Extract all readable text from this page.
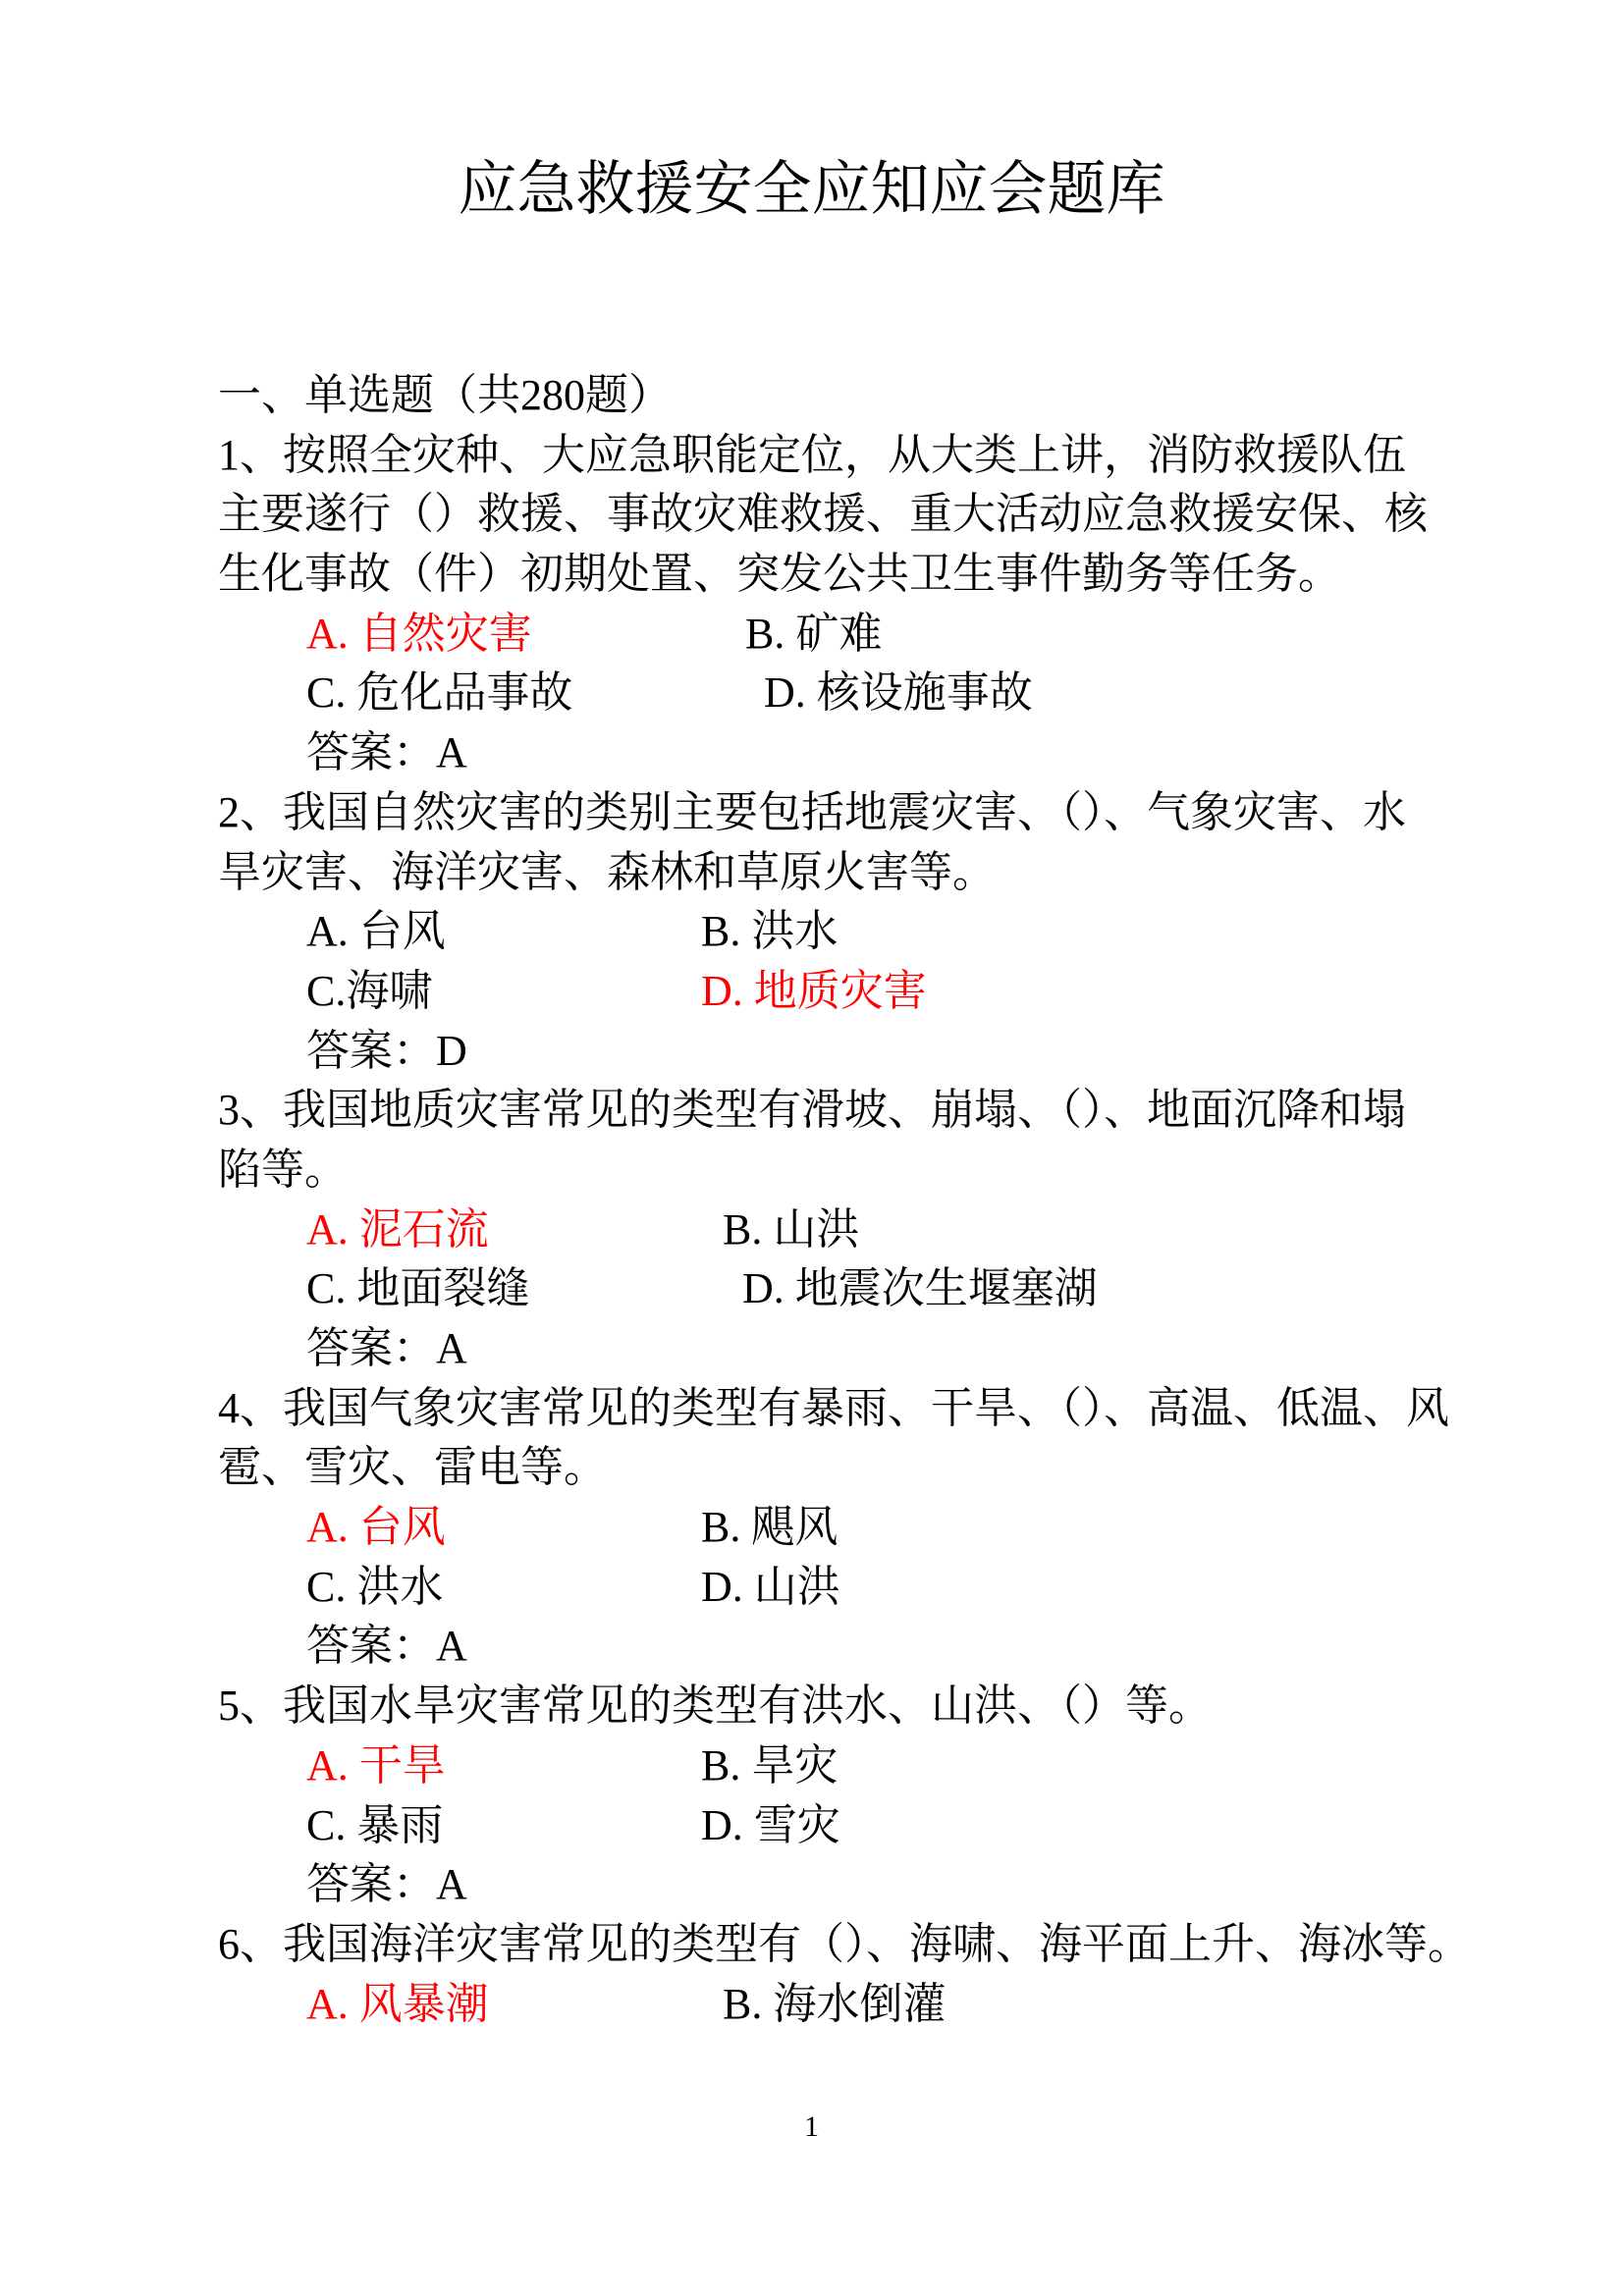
应急救援安全应知应会题库
一、单选题（共280题）
1、按照全灾种、大应急职能定位，从大类上讲，消防救援队伍
主要遂行（）救援、事故灾难救援、重大活动应急救援安保、核
生化事故（件）初期处置、突发公共卫生事件勤务等任务。
A. 自然灾害	B. 矿难
C. 危化品事故	D. 核设施事故
答案：A
2、我国自然灾害的类别主要包括地震灾害、（）、气象灾害、水
旱灾害、海洋灾害、森林和草原火害等。
A. 台风	B. 洪水
C.海啸	D. 地质灾害
答案：D
3、我国地质灾害常见的类型有滑坡、崩塌、（）、地面沉降和塌
陷等。
A. 泥石流	B. 山洪
C. 地面裂缝	D. 地震次生堰塞湖
答案：A
4、我国气象灾害常见的类型有暴雨、干旱、（）、高温、低温、风
雹、雪灾、雷电等。
A. 台风	B. 飓风
C. 洪水	D. 山洪
答案：A
5、我国水旱灾害常见的类型有洪水、山洪、（）等。
A. 干旱	B. 旱灾
C. 暴雨	D. 雪灾
答案：A
6、我国海洋灾害常见的类型有（）、海啸、海平面上升、海冰等。
A. 风暴潮	B. 海水倒灌
1
